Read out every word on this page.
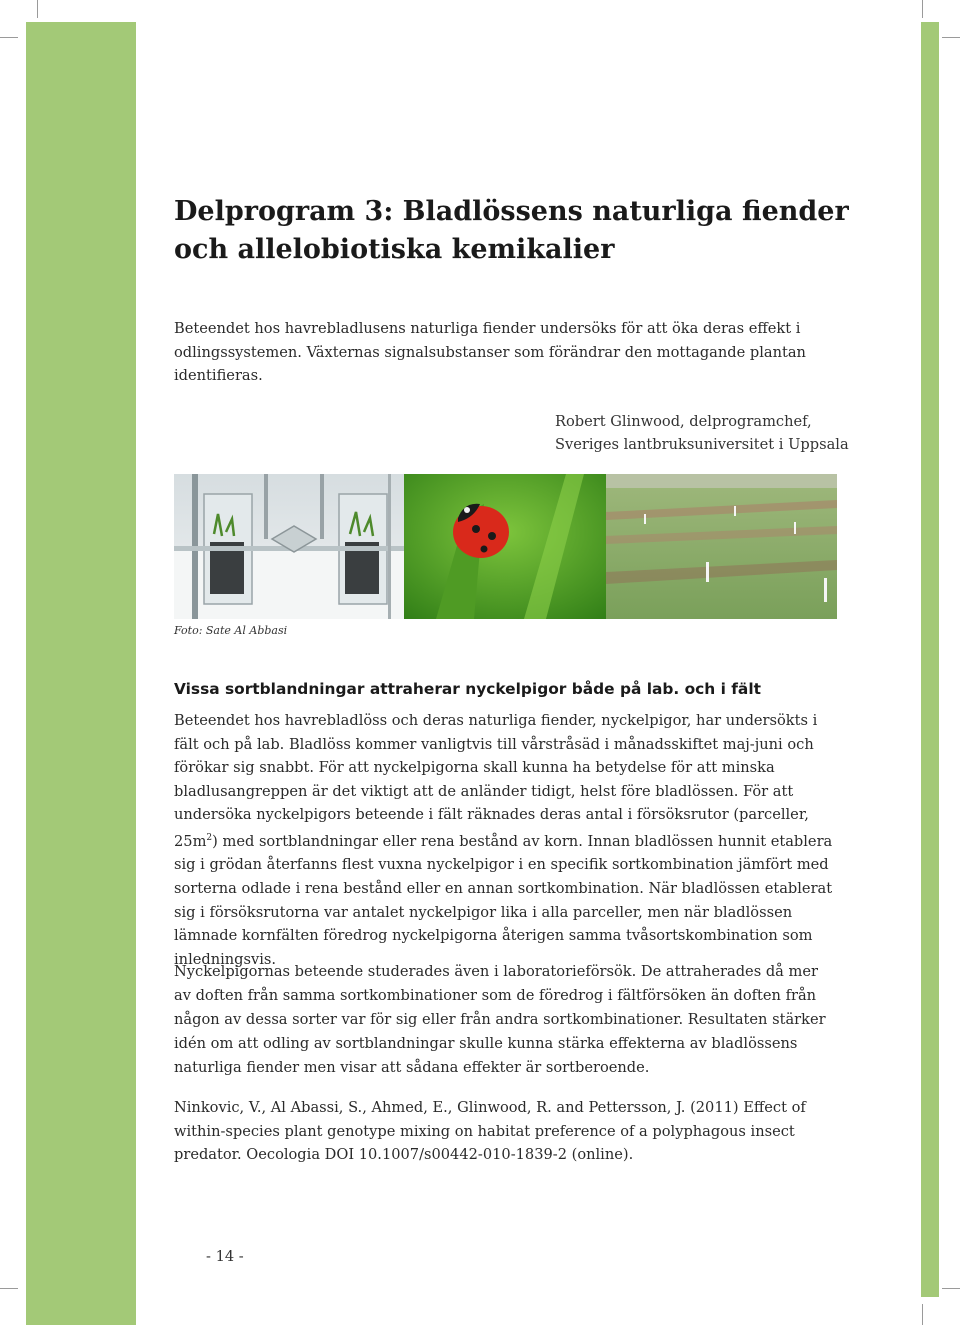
Delprogram 3: Bladlössens naturliga fiender och allelobiotiska kemikalier

Beteendet hos havrebladlusens naturliga fiender undersöks för att öka deras effekt i odlingssystemen. Växternas signalsubstanser som förändrar den mottagande plantan identifieras.

Robert Glinwood, delprogramchef,
Sveriges lantbruksuniversitet i Uppsala
Foto: Sate Al Abbasi
Vissa sortblandningar attraherar nyckelpigor både på lab. och i fält

Beteendet hos havrebladlöss och deras naturliga fiender, nyckelpigor, har undersökts i fält och på lab. Bladlöss kommer vanligtvis till vårstråsäd i månadsskiftet maj-juni och förökar sig snabbt. För att nyckelpigorna skall kunna ha betydelse för att minska bladlusangreppen är det viktigt att de anländer tidigt, helst före bladlössen. För att undersöka nyckelpigors beteende i fält räknades deras antal i försöksrutor (parceller, $25m^2$) med sortblandningar eller rena bestånd av korn. Innan bladlössen hunnit etablera sig i grödan återfanns flest vuxna nyckelpigor i en specifik sortkombination jämfört med sorterna odlade i rena bestånd eller en annan sortkombination. När bladlössen etablerat sig i försöksrutorna var antalet nyckelpigor lika i alla parceller, men när bladlössen lämnade kornfälten föredrog nyckelpigorna återigen samma tvåsortskombination som inledningsvis.

Nyckelpigornas beteende studerades även i laboratorieförsök. De attraherades då mer av doften från samma sortkombinationer som de föredrog i fältförsöken än doften från någon av dessa sorter var för sig eller från andra sortkombinationer. Resultaten stärker idén om att odling av sortblandningar skulle kunna stärka effekterna av bladlössens naturliga fiender men visar att sådana effekter är sortberoende.

Ninkovic, V., Al Abassi, S., Ahmed, E., Glinwood, R. and Pettersson, J. (2011) Effect of within-species plant genotype mixing on habitat preference of a polyphagous insect predator. Oecologia DOI 10.1007/s00442-010-1839-2 (online).

- 14 -
